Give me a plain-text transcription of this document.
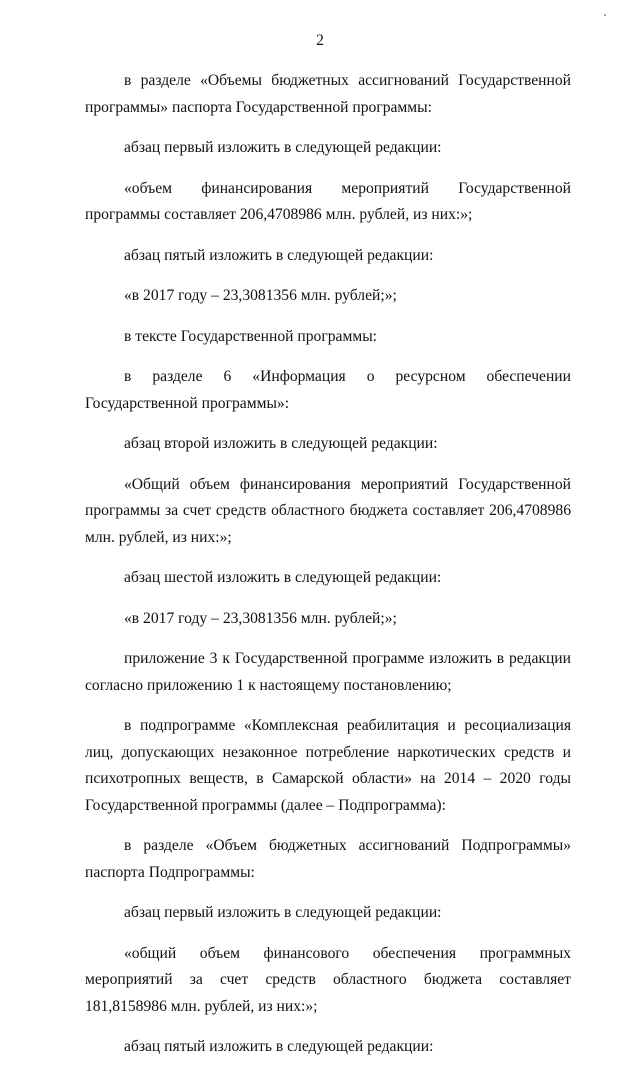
2

в разделе «Объемы бюджетных ассигнований Государственной программы» паспорта Государственной программы:

абзац первый изложить в следующей редакции:

«объем финансирования мероприятий Государственной программы составляет 206,4708986 млн. рублей, из них:»;

абзац пятый изложить в следующей редакции:

«в 2017 году – 23,3081356 млн. рублей;»;

в тексте Государственной программы:

в разделе 6 «Информация о ресурсном обеспечении Государственной программы»:

абзац второй изложить в следующей редакции:

«Общий объем финансирования мероприятий Государственной программы за счет средств областного бюджета составляет 206,4708986 млн. рублей, из них:»;

абзац шестой изложить в следующей редакции:

«в 2017 году – 23,3081356 млн. рублей;»;

приложение 3 к Государственной программе изложить в редакции согласно приложению 1 к настоящему постановлению;

в подпрограмме «Комплексная реабилитация и ресоциализация лиц, допускающих незаконное потребление наркотических средств и психотропных веществ, в Самарской области» на 2014 – 2020 годы Государственной программы (далее – Подпрограмма):

в разделе «Объем бюджетных ассигнований Подпрограммы» паспорта Подпрограммы:

абзац первый изложить в следующей редакции:

«общий объем финансового обеспечения программных мероприятий за счет средств областного бюджета составляет 181,8158986 млн. рублей, из них:»;

абзац пятый изложить в следующей редакции:
